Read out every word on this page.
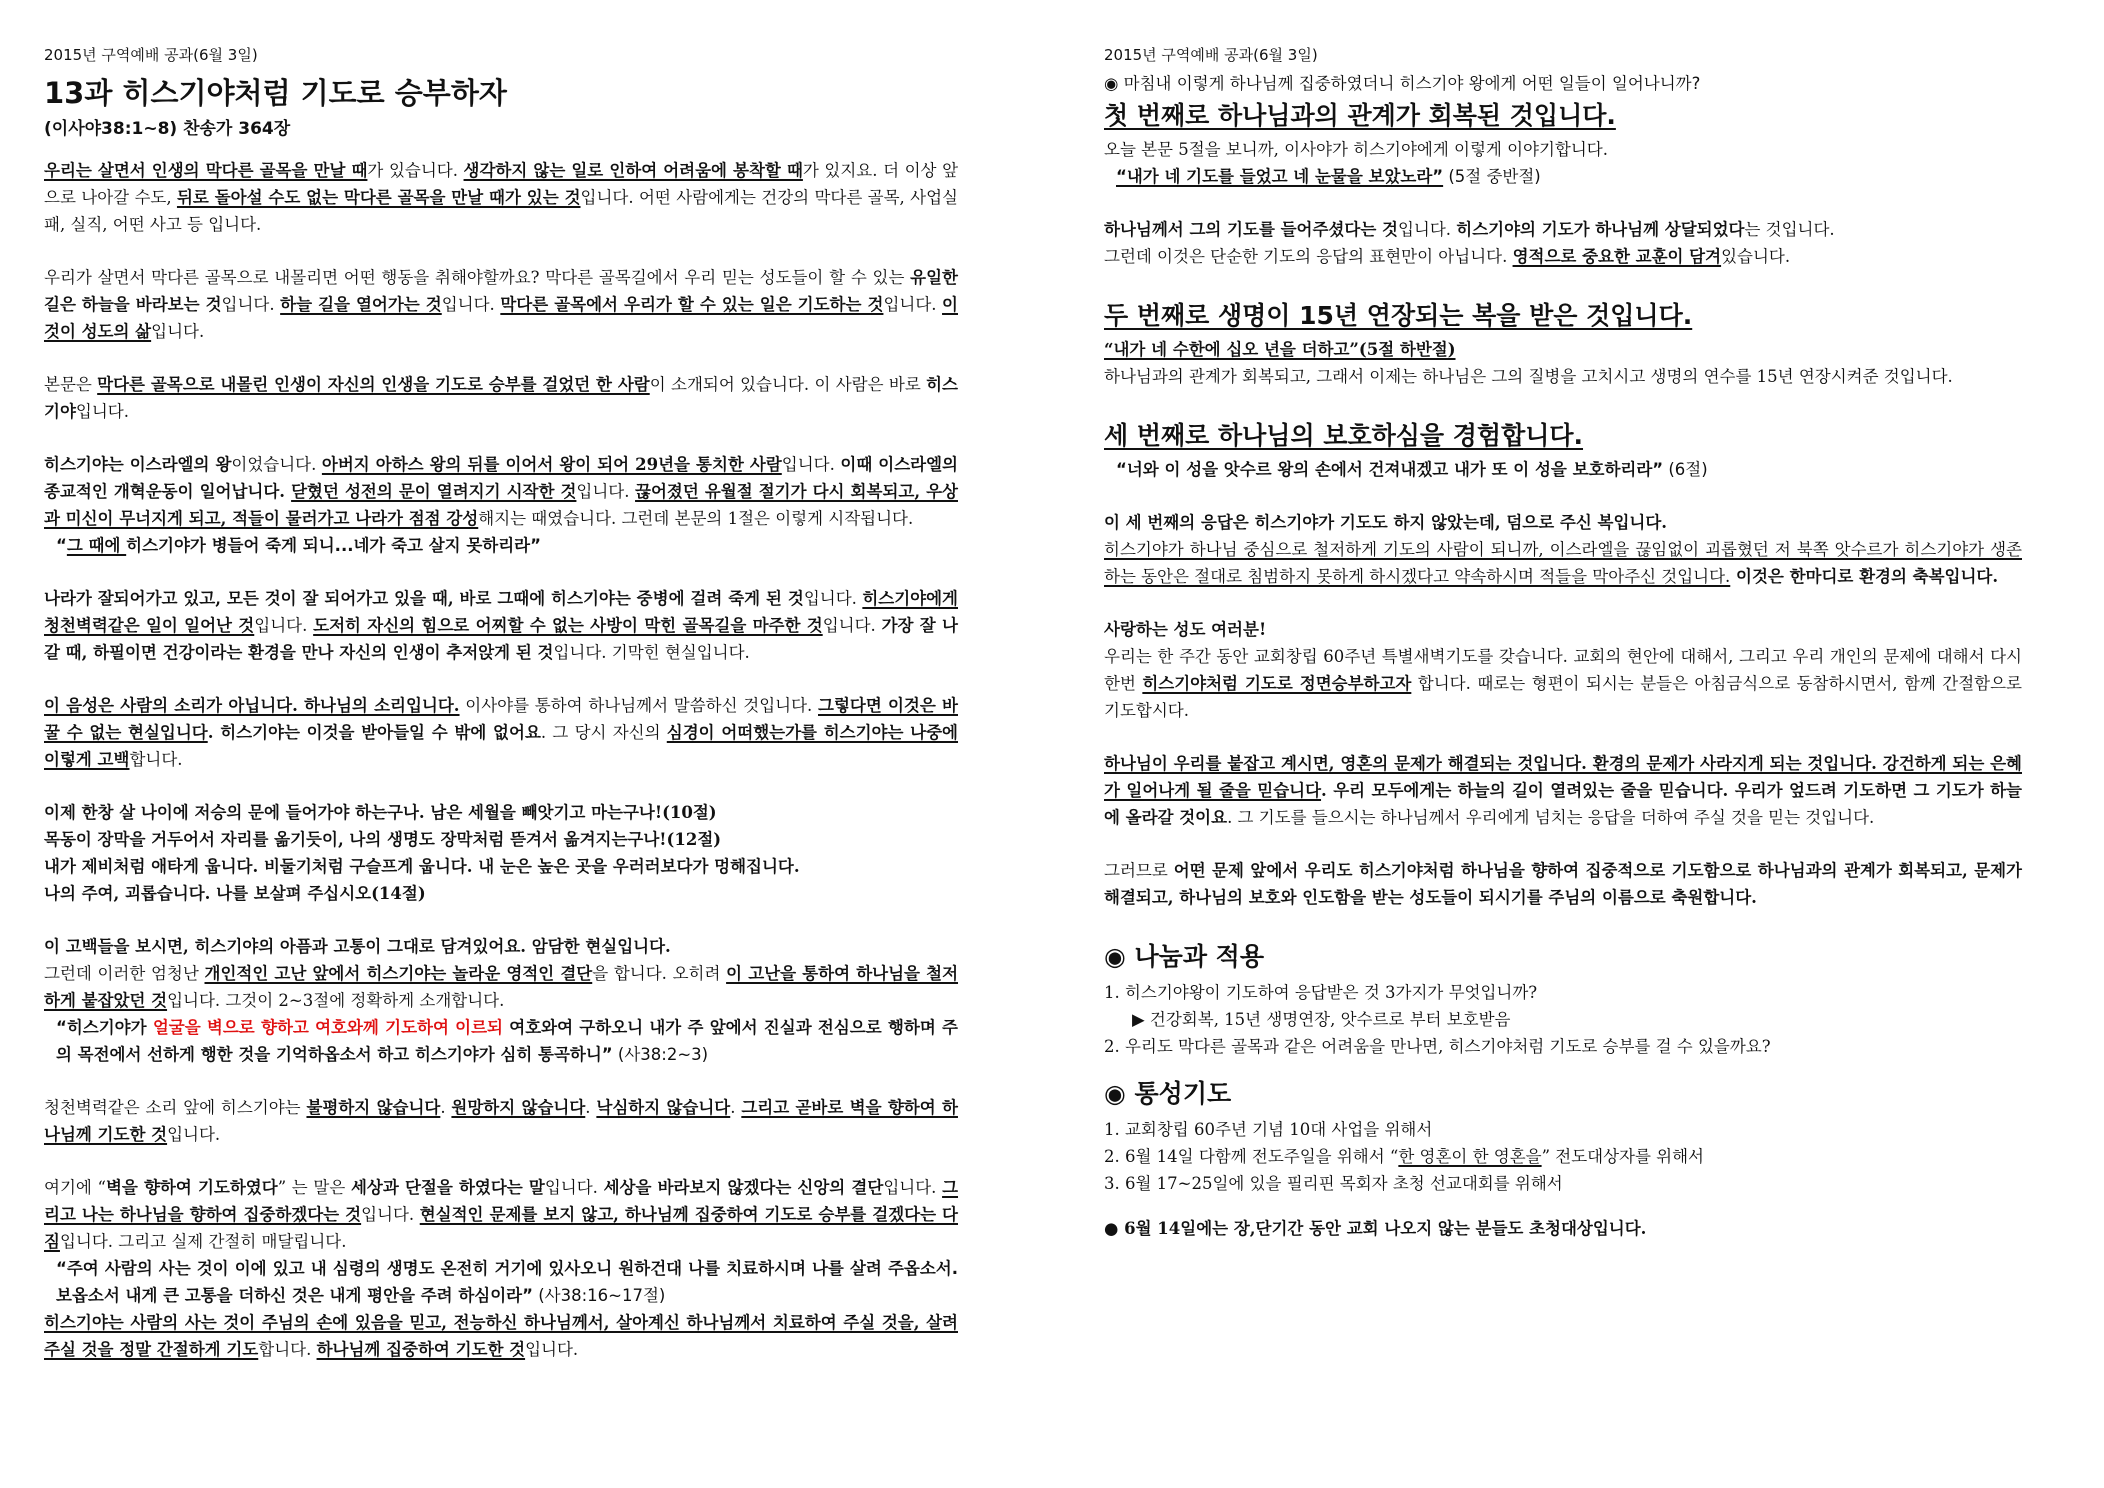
2015년 구역예배 공과(6월 3일)
13과 히스기야처럼 기도로 승부하자
(이사야38:1~8) 찬송가 364장

우리는 살면서 인생의 막다른 골목을 만날 때가 있습니다. 생각하지 않는 일로 인하여 어려움에 봉착할 때가 있지요. 더 이상 앞으로 나아갈 수도, 뒤로 돌아설 수도 없는 막다른 골목을 만날 때가 있는 것입니다. 어떤 사람에게는 건강의 막다른 골목, 사업실패, 실직, 어떤 사고 등 입니다.

우리가 살면서 막다른 골목으로 내몰리면 어떤 행동을 취해야할까요? 막다른 골목길에서 우리 믿는 성도들이 할 수 있는 유일한 길은 하늘을 바라보는 것입니다. 하늘 길을 열어가는 것입니다. 막다른 골목에서 우리가 할 수 있는 일은 기도하는 것입니다. 이것이 성도의 삶입니다.

본문은 막다른 골목으로 내몰린 인생이 자신의 인생을 기도로 승부를 걸었던 한 사람이 소개되어 있습니다. 이 사람은 바로 히스기야입니다.

히스기야는 이스라엘의 왕이었습니다. 아버지 아하스 왕의 뒤를 이어서 왕이 되어 29년을 통치한 사람입니다. 이때 이스라엘의 종교적인 개혁운동이 일어납니다. 닫혔던 성전의 문이 열려지기 시작한 것입니다. 끊어졌던 유월절 절기가 다시 회복되고, 우상과 미신이 무너지게 되고, 적들이 물러가고 나라가 점점 강성해지는 때였습니다. 그런데 본문의 1절은 이렇게 시작됩니다.
“그 때에 히스기야가 병들어 죽게 되니...네가 죽고 살지 못하리라”

나라가 잘되어가고 있고, 모든 것이 잘 되어가고 있을 때, 바로 그때에 히스기야는 중병에 걸려 죽게 된 것입니다. 히스기야에게 청천벽력같은 일이 일어난 것입니다. 도저히 자신의 힘으로 어찌할 수 없는 사방이 막힌 골목길을 마주한 것입니다. 가장 잘 나갈 때, 하필이면 건강이라는 환경을 만나 자신의 인생이 추저앉게 된 것입니다. 기막힌 현실입니다.

이 음성은 사람의 소리가 아닙니다. 하나님의 소리입니다. 이사야를 통하여 하나님께서 말씀하신 것입니다. 그렇다면 이것은 바꿀 수 없는 현실입니다. 히스기야는 이것을 받아들일 수 밖에 없어요. 그 당시 자신의 심경이 어떠했는가를 히스기야는 나중에 이렇게 고백합니다.

이제 한창 살 나이에 저승의 문에 들어가야 하는구나. 남은 세월을 빼앗기고 마는구나!(10절)
목동이 장막을 거두어서 자리를 옮기듯이, 나의 생명도 장막처럼 뜯겨서 옮겨지는구나!(12절)
내가 제비처럼 애타게 웁니다. 비둘기처럼 구슬프게 웁니다. 내 눈은 높은 곳을 우러러보다가 멍해집니다.
나의 주여, 괴롭습니다. 나를 보살펴 주십시오(14절)
이 고백들을 보시면, 히스기야의 아픔과 고통이 그대로 담겨있어요. 암담한 현실입니다.
그런데 이러한 엄청난 개인적인 고난 앞에서 히스기야는 놀라운 영적인 결단을 합니다. 오히려 이 고난을 통하여 하나님을 철저하게 붙잡았던 것입니다. 그것이 2~3절에 정확하게 소개합니다.
“히스기야가 얼굴을 벽으로 향하고 여호와께 기도하여 이르되 여호와여 구하오니 내가 주 앞에서 진실과 전심으로 행하며 주의 목전에서 선하게 행한 것을 기억하옵소서 하고 히스기야가 심히 통곡하니” (사38:2~3)

청천벽력같은 소리 앞에 히스기야는 불평하지 않습니다. 원망하지 않습니다. 낙심하지 않습니다. 그리고 곧바로 벽을 향하여 하나님께 기도한 것입니다.

여기에 “벽을 향하여 기도하였다” 는 말은 세상과 단절을 하였다는 말입니다. 세상을 바라보지 않겠다는 신앙의 결단입니다. 그리고 나는 하나님을 향하여 집중하겠다는 것입니다. 현실적인 문제를 보지 않고, 하나님께 집중하여 기도로 승부를 걸겠다는 다짐입니다. 그리고 실제 간절히 매달립니다.
“주여 사람의 사는 것이 이에 있고 내 심령의 생명도 온전히 거기에 있사오니 원하건대 나를 치료하시며 나를 살려 주옵소서. 보옵소서 내게 큰 고통을 더하신 것은 내게 평안을 주려 하심이라” (사38:16~17절)
히스기야는 사람의 사는 것이 주님의 손에 있음을 믿고, 전능하신 하나님께서, 살아계신 하나님께서 치료하여 주실 것을, 살려 주실 것을 정말 간절하게 기도합니다. 하나님께 집중하여 기도한 것입니다.
2015년 구역예배 공과(6월 3일)
◉ 마침내 이렇게 하나님께 집중하였더니 히스기야 왕에게 어떤 일들이 일어나니까?
첫 번째로 하나님과의 관계가 회복된 것입니다.
오늘 본문 5절을 보니까, 이사야가 히스기야에게 이렇게 이야기합니다.
“내가 네 기도를 들었고 네 눈물을 보았노라” (5절 중반절)

하나님께서 그의 기도를 들어주셨다는 것입니다. 히스기야의 기도가 하나님께 상달되었다는 것입니다.
그런데 이것은 단순한 기도의 응답의 표현만이 아닙니다. 영적으로 중요한 교훈이 담겨있습니다.

두 번째로 생명이 15년 연장되는 복을 받은 것입니다.
“내가 네 수한에 십오 년을 더하고”(5절 하반절)
하나님과의 관계가 회복되고, 그래서 이제는 하나님은 그의 질병을 고치시고 생명의 연수를 15년 연장시켜준 것입니다.
세 번째로 하나님의 보호하심을 경험합니다.
“너와 이 성을 앗수르 왕의 손에서 건져내겠고 내가 또 이 성을 보호하리라” (6절)

이 세 번째의 응답은 히스기야가 기도도 하지 않았는데, 덤으로 주신 복입니다.
히스기야가 하나님 중심으로 철저하게 기도의 사람이 되니까, 이스라엘을 끊임없이 괴롭혔던 저 북쪽 앗수르가 히스기야가 생존하는 동안은 절대로 침범하지 못하게 하시겠다고 약속하시며 적들을 막아주신 것입니다. 이것은 한마디로 환경의 축복입니다.

사랑하는 성도 여러분!
우리는 한 주간 동안 교회창립 60주년 특별새벽기도를 갖습니다. 교회의 현안에 대해서, 그리고 우리 개인의 문제에 대해서 다시 한번 히스기야처럼 기도로 정면승부하고자 합니다. 때로는 형편이 되시는 분들은 아침금식으로 동참하시면서, 함께 간절함으로 기도합시다.

하나님이 우리를 붙잡고 계시면, 영혼의 문제가 해결되는 것입니다. 환경의 문제가 사라지게 되는 것입니다. 강건하게 되는 은혜가 일어나게 될 줄을 믿습니다. 우리 모두에게는 하늘의 길이 열려있는 줄을 믿습니다. 우리가 엎드려 기도하면 그 기도가 하늘에 올라갈 것이요. 그 기도를 들으시는 하나님께서 우리에게 넘치는 응답을 더하여 주실 것을 믿는 것입니다.

그러므로 어떤 문제 앞에서 우리도 히스기야처럼 하나님을 향하여 집중적으로 기도함으로 하나님과의 관계가 회복되고, 문제가 해결되고, 하나님의 보호와 인도함을 받는 성도들이 되시기를 주님의 이름으로 축원합니다.

◉ 나눔과 적용
1. 히스기야왕이 기도하여 응답받은 것 3가지가 무엇입니까?
▶ 건강회복, 15년 생명연장, 앗수르로 부터 보호받음
2. 우리도 막다른 골목과 같은 어려움을 만나면, 히스기야처럼 기도로 승부를 걸 수 있을까요?
◉ 통성기도
1. 교회창립 60주년 기념 10대 사업을 위해서
2. 6월 14일 다함께 전도주일을 위해서 “한 영혼이 한 영혼을” 전도대상자를 위해서
3. 6월 17~25일에 있을 필리핀 목회자 초청 선교대회를 위해서
● 6월 14일에는 장,단기간 동안 교회 나오지 않는 분들도 초청대상입니다.
